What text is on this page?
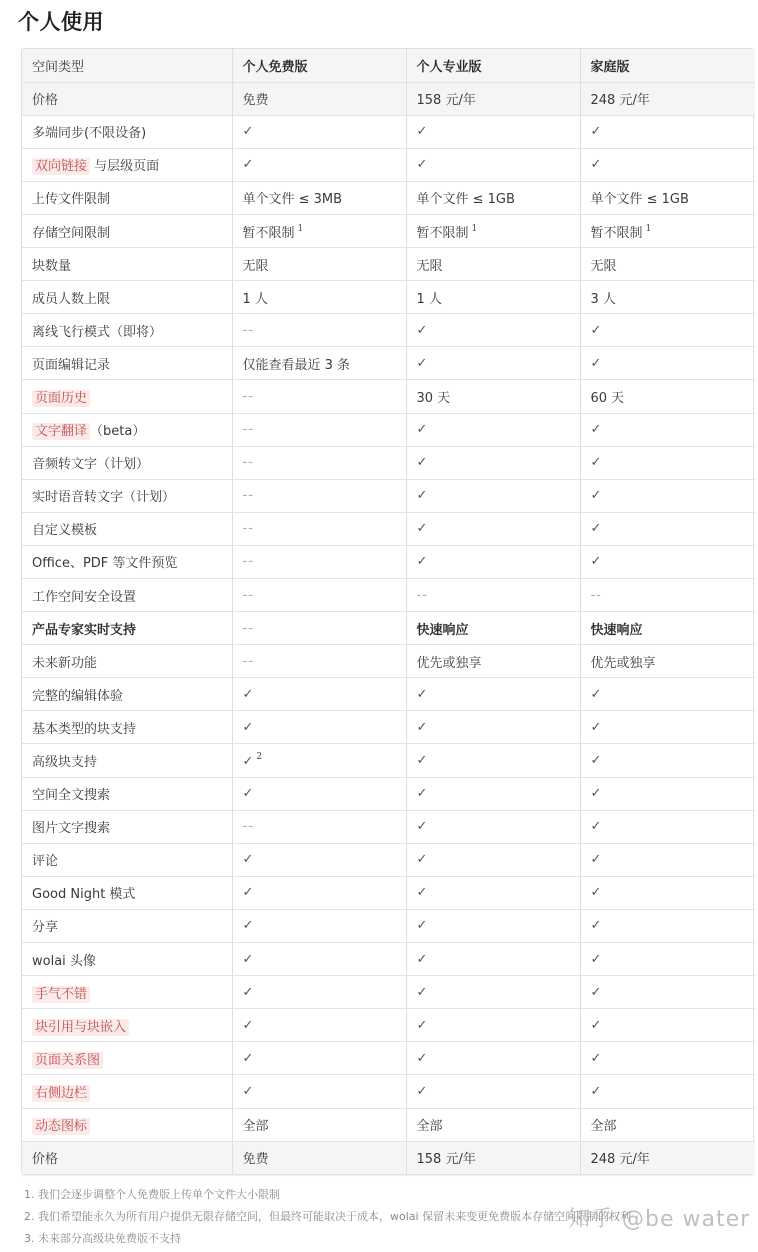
个人使用
空间类型	个人免费版	个人专业版	家庭版
价格	免费	158 元/年	248 元/年
多端同步(不限设备)	✓	✓	✓
双向链接 与层级页面	✓	✓	✓
上传文件限制	单个文件 ≤ 3MB	单个文件 ≤ 1GB	单个文件 ≤ 1GB
存储空间限制	暂不限制 $^1$	暂不限制 $^1$	暂不限制 $^1$
块数量	无限	无限	无限
成员人数上限	1 人	1 人	3 人
离线飞行模式（即将）	--	✓	✓
页面编辑记录	仅能查看最近 3 条	✓	✓
页面历史	--	30 天	60 天
文字翻译 （beta）	--	✓	✓
音频转文字（计划）	--	✓	✓
实时语音转文字（计划）	--	✓	✓
自定义模板	--	✓	✓
Office、PDF 等文件预览	--	✓	✓
工作空间安全设置	--	--	--
产品专家实时支持	--	快速响应	快速响应
未来新功能	--	优先或独享	优先或独享
完整的编辑体验	✓	✓	✓
基本类型的块支持	✓	✓	✓
高级块支持	✓ $^2$	✓	✓
空间全文搜索	✓	✓	✓
图片文字搜索	--	✓	✓
评论	✓	✓	✓
Good Night 模式	✓	✓	✓
分享	✓	✓	✓
wolai 头像	✓	✓	✓
手气不错	✓	✓	✓
块引用与块嵌入	✓	✓	✓
页面关系图	✓	✓	✓
右侧边栏	✓	✓	✓
动态图标	全部	全部	全部
价格	免费	158 元/年	248 元/年
1. 我们会逐步调整个人免费版上传单个文件大小限制
2. 我们希望能永久为所有用户提供无限存储空间，但最终可能取决于成本，wolai 保留未来变更免费版本存储空间限制的权利
3. 未来部分高级块免费版不支持
知乎 @be water
